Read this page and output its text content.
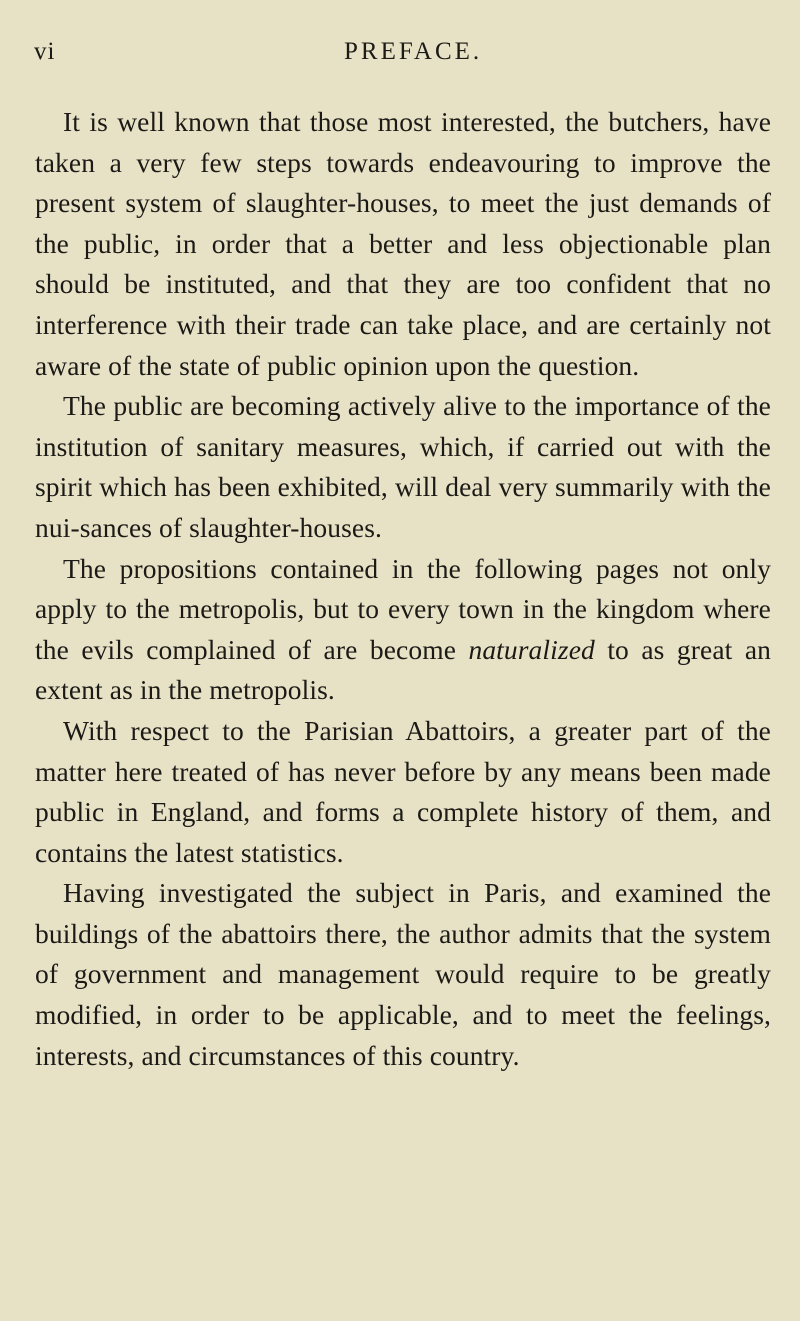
vi	PREFACE.

It is well known that those most interested, the butchers, have taken a very few steps towards endeavouring to improve the present system of slaughter-houses, to meet the just demands of the public, in order that a better and less objectionable plan should be instituted, and that they are too confident that no interference with their trade can take place, and are certainly not aware of the state of public opinion upon the question.

The public are becoming actively alive to the importance of the institution of sanitary measures, which, if carried out with the spirit which has been exhibited, will deal very summarily with the nui-sances of slaughter-houses.

The propositions contained in the following pages not only apply to the metropolis, but to every town in the kingdom where the evils complained of are become naturalized to as great an extent as in the metropolis.

With respect to the Parisian Abattoirs, a greater part of the matter here treated of has never before by any means been made public in England, and forms a complete history of them, and contains the latest statistics.

Having investigated the subject in Paris, and examined the buildings of the abattoirs there, the author admits that the system of government and management would require to be greatly modified, in order to be applicable, and to meet the feelings, interests, and circumstances of this country.
